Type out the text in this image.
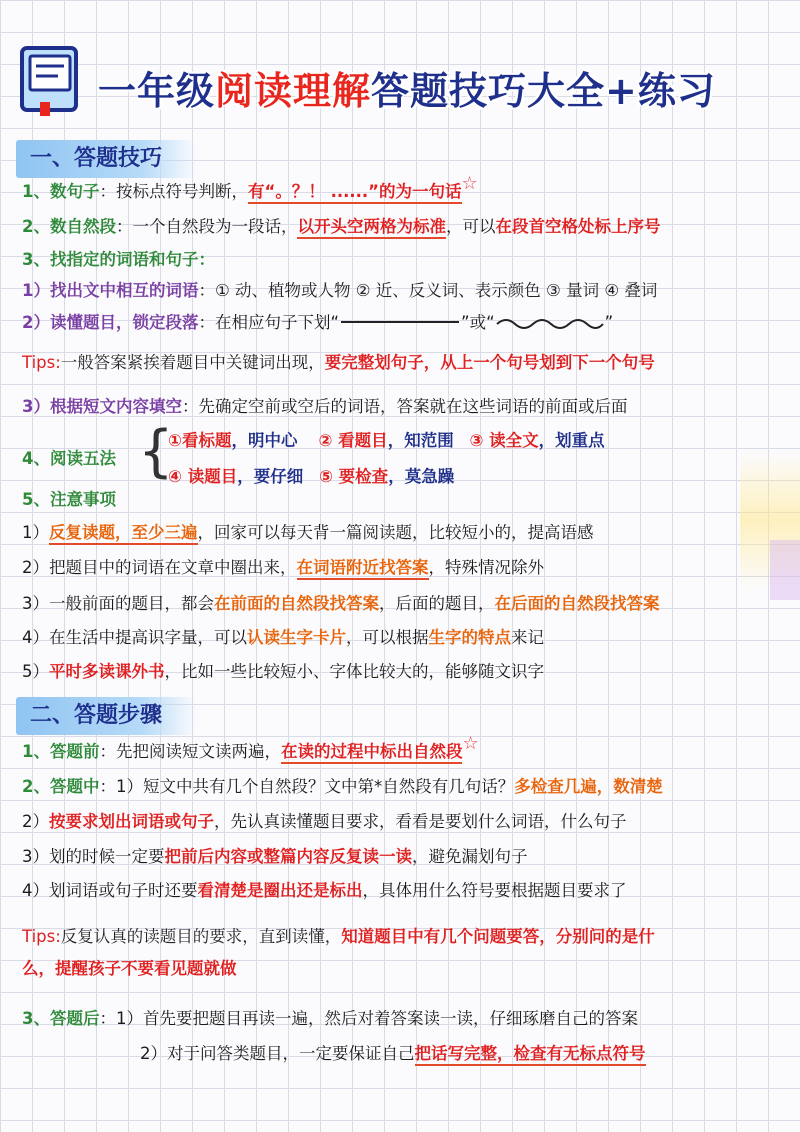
一年级阅读理解答题技巧大全+练习
一、答题技巧
1、数句子：按标点符号判断，有“。？！ ......”的为一句话☆
2、数自然段：一个自然段为一段话，以开头空两格为标准，可以在段首空格处标上序号
3、找指定的词语和句子：
1）找出文中相互的词语：① 动、植物或人物 ② 近、反义词、表示颜色 ③ 量词 ④ 叠词
2）读懂题目，锁定段落：在相应句子下划“	”或“	”
Tips:一般答案紧挨着题目中关键词出现，要完整划句子，从上一个句号划到下一个句号
3）根据短文内容填空：先确定空前或空后的词语，答案就在这些词语的前面或后面
4、阅读五法 {
①看标题，明中心 ② 看题目，知范围 ③ 读全文，划重点
④ 读题目，要仔细 ⑤ 要检查，莫急躁
5、注意事项
1）反复读题，至少三遍，回家可以每天背一篇阅读题，比较短小的，提高语感
2）把题目中的词语在文章中圈出来，在词语附近找答案，特殊情况除外
3）一般前面的题目，都会在前面的自然段找答案，后面的题目，在后面的自然段找答案
4）在生活中提高识字量，可以认读生字卡片，可以根据生字的特点来记
5）平时多读课外书，比如一些比较短小、字体比较大的，能够随文识字
二、答题步骤
1、答题前：先把阅读短文读两遍，在读的过程中标出自然段☆
2、答题中：1）短文中共有几个自然段？文中第*自然段有几句话？多检查几遍，数清楚
2）按要求划出词语或句子，先认真读懂题目要求，看看是要划什么词语，什么句子
3）划的时候一定要把前后内容或整篇内容反复读一读，避免漏划句子
4）划词语或句子时还要看清楚是圈出还是标出，具体用什么符号要根据题目要求了
Tips:反复认真的读题目的要求，直到读懂，知道题目中有几个问题要答，分别问的是什
么，提醒孩子不要看见题就做
3、答题后：1）首先要把题目再读一遍，然后对着答案读一读，仔细琢磨自己的答案
2）对于问答类题目，一定要保证自己把话写完整，检查有无标点符号
